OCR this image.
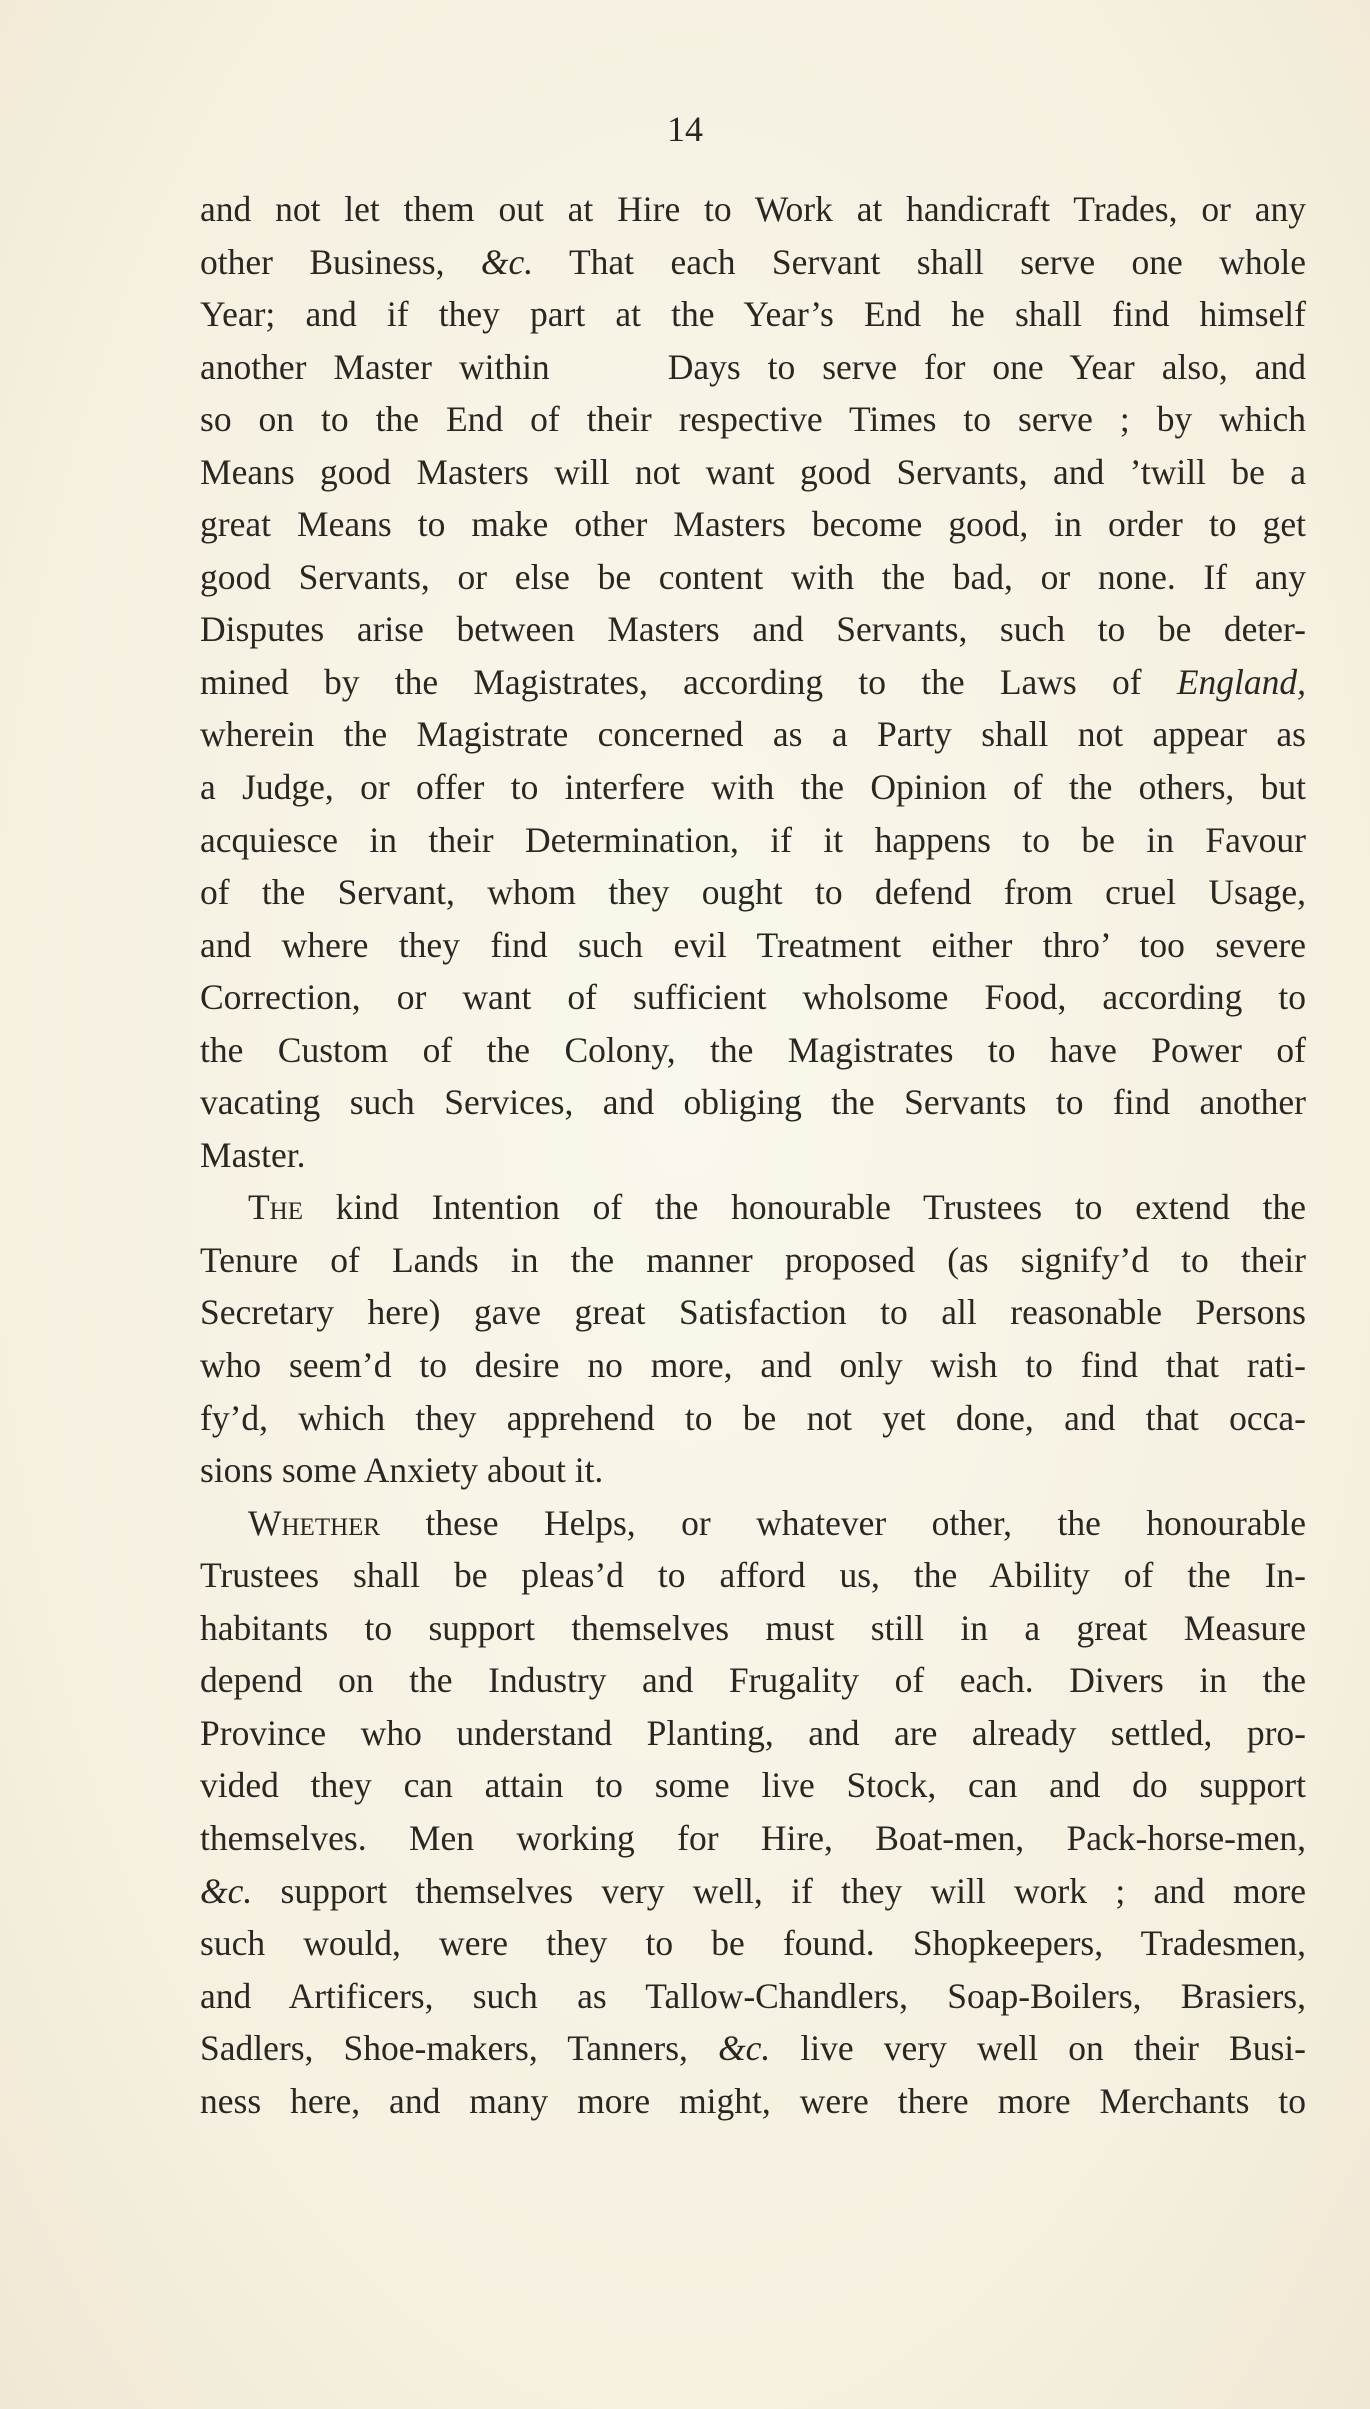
14
and not let them out at Hire to Work at handicraft Trades, or any
other Business, &c. That each Servant shall serve one whole
Year; and if they part at the Year’s End he shall find himself
another Master within	Days to serve for one Year also, and
so on to the End of their respective Times to serve ; by which
Means good Masters will not want good Servants, and ’twill be a
great Means to make other Masters become good, in order to get
good Servants, or else be content with the bad, or none. If any
Disputes arise between Masters and Servants, such to be deter-
mined by the Magistrates, according to the Laws of England,
wherein the Magistrate concerned as a Party shall not appear as
a Judge, or offer to interfere with the Opinion of the others, but
acquiesce in their Determination, if it happens to be in Favour
of the Servant, whom they ought to defend from cruel Usage,
and where they find such evil Treatment either thro’ too severe
Correction, or want of sufficient wholsome Food, according to
the Custom of the Colony, the Magistrates to have Power of
vacating such Services, and obliging the Servants to find another
Master.
The kind Intention of the honourable Trustees to extend the
Tenure of Lands in the manner proposed (as signify’d to their
Secretary here) gave great Satisfaction to all reasonable Persons
who seem’d to desire no more, and only wish to find that rati-
fy’d, which they apprehend to be not yet done, and that occa-
sions some Anxiety about it.
Whether these Helps, or whatever other, the honourable
Trustees shall be pleas’d to afford us, the Ability of the In-
habitants to support themselves must still in a great Measure
depend on the Industry and Frugality of each. Divers in the
Province who understand Planting, and are already settled, pro-
vided they can attain to some live Stock, can and do support
themselves. Men working for Hire, Boat-men, Pack-horse-men,
&c. support themselves very well, if they will work ; and more
such would, were they to be found. Shopkeepers, Tradesmen,
and Artificers, such as Tallow-Chandlers, Soap-Boilers, Brasiers,
Sadlers, Shoe-makers, Tanners, &c. live very well on their Busi-
ness here, and many more might, were there more Merchants to
